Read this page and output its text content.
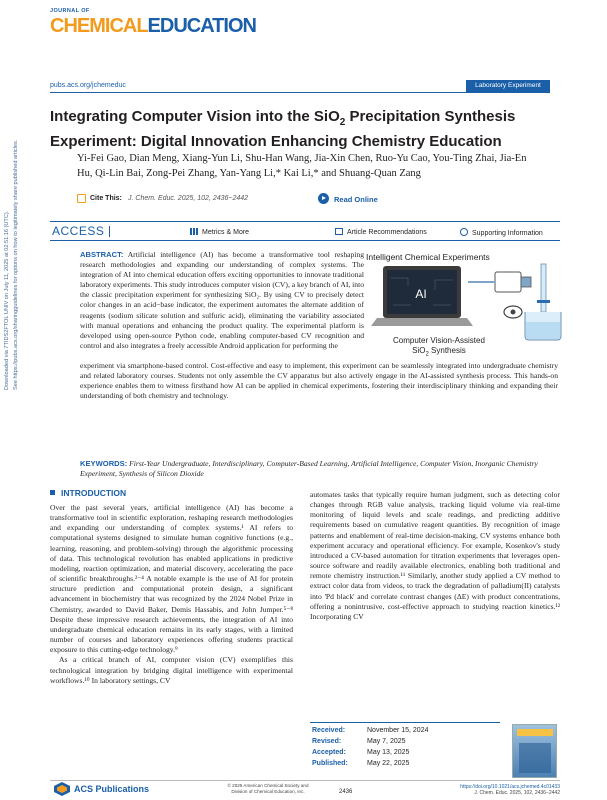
JOURNAL OF
CHEMICALEDUCATION
pubs.acs.org/jchemeduc	Laboratory Experiment
Integrating Computer Vision into the SiO$_2$ Precipitation Synthesis Experiment: Digital Innovation Enhancing Chemistry Education
Yi-Fei Gao, Dian Meng, Xiang-Yun Li, Shu-Han Wang, Jia-Xin Chen, Ruo-Yu Cao, You-Ting Zhai, Jia-En Hu, Qi-Lin Bai, Zong-Pei Zhang, Yan-Yang Li,* Kai Li,* and Shuang-Quan Zang
Cite This: J. Chem. Educ. 2025, 102, 2436−2442	Read Online
ACCESS	Metrics & More	Article Recommendations	Supporting Information
Downloaded via 7TIDS2FTOL UNIV on July 11, 2025 at 02:51:16 (UTC). See https://pubs.acs.org/sharingguidelines for options on how to legitimately share published articles.	ABSTRACT: Artificial intelligence (AI) has become a transformative tool reshaping research methodologies and expanding our understanding of complex systems. The integration of AI into chemical education offers exciting opportunities to innovate traditional laboratory experiments. This study introduces computer vision (CV), a key branch of AI, into the classic precipitation experiment for synthesizing SiO₂. By using CV to precisely detect color changes in an acid−base indicator, the experiment automates the alternate addition of reagents (sodium silicate solution and sulfuric acid), eliminating the variability associated with manual operations and enhancing the product quality. The experimental platform is developed using open-source Python code, enabling computer-based CV recognition and control and also integrates a freely accessible Android application for performing the

experiment via smartphone-based control. Cost-effective and easy to implement, this experiment can be seamlessly integrated into undergraduate chemistry and related laboratory courses. Students not only assemble the CV apparatus but also actively engage in the AI-assisted synthesis process. This hands-on experience enables them to witness firsthand how AI can be applied in chemical experiments, fostering their interdisciplinary thinking and expanding their understanding of both chemistry and technology.

KEYWORDS: First-Year Undergraduate, Interdisciplinary, Computer-Based Learning, Artificial Intelligence, Computer Vision, Inorganic Chemistry Experiment, Synthesis of Silicon Dioxide

Intelligent Chemical Experiments
AI
Computer Vision-Assisted
SiO$_2$ Synthesis
INTRODUCTION

Over the past several years, artificial intelligence (AI) has become a transformative tool in scientific exploration, reshaping research methodologies and expanding our understanding of complex systems.¹ AI refers to computational systems designed to simulate human cognitive functions (e.g., learning, reasoning, and problem-solving) through the algorithmic processing of data. This technological revolution has enabled applications in predictive modeling, reaction optimization, and material discovery, accelerating the pace of scientific breakthroughs.²⁻⁴ A notable example is the use of AI for protein structure prediction and computational protein design, a significant advancement in biochemistry that was recognized by the 2024 Nobel Prize in Chemistry, awarded to David Baker, Demis Hassabis, and John Jumper.⁵⁻⁸ Despite these impressive research achievements, the integration of AI into undergraduate chemical education remains in its early stages, with a limited number of courses and laboratory experiences offering students practical exposure to this cutting-edge technology.⁹

As a critical branch of AI, computer vision (CV) exemplifies this technological integration by bridging digital intelligence with experimental workflows.¹⁰ In laboratory settings, CV

automates tasks that typically require human judgment, such as detecting color changes through RGB value analysis, tracking liquid volume via real-time monitoring of liquid levels and scale readings, and predicting additive requirements based on cumulative reagent quantities. By recognition of image patterns and enablement of real-time decision-making, CV systems enhance both experiment accuracy and operational efficiency. For example, Kosenkov's study introduced a CV-based automation for titration experiments that leverages open-source software and readily available electronics, enabling both traditional and remote chemistry instruction.¹¹ Similarly, another study applied a CV method to extract color data from videos, to track the degradation of palladium(II) catalysts into 'Pd black' and correlate contrast changes (ΔE) with product concentrations, offering a nonintrusive, cost-effective approach to studying reaction kinetics.¹² Incorporating CV

Received:	November 15, 2024
Revised:	May 7, 2025
Accepted:	May 13, 2025
Published:	May 22, 2025
ACS Publications	© 2025 American Chemical Society and
Division of Chemical Education, Inc.	2436
https://doi.org/10.1021/acs.jchemed.4c01433
J. Chem. Educ. 2025, 102, 2436−2442
